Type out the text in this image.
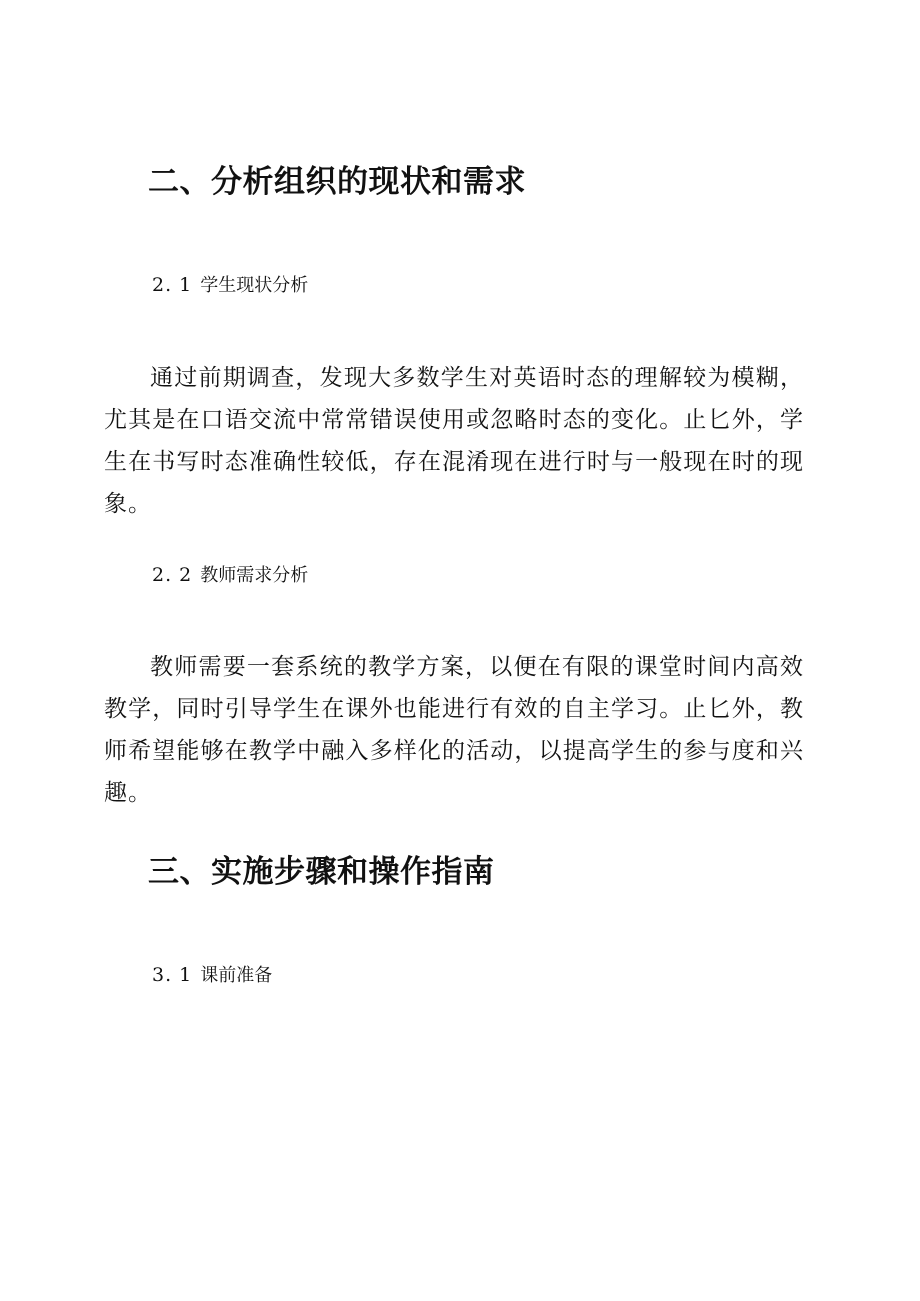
二、分析组织的现状和需求
2. 1 学生现状分析

通过前期调查，发现大多数学生对英语时态的理解较为模糊，尤其是在口语交流中常常错误使用或忽略时态的变化。止匕外，学生在书写时态准确性较低，存在混淆现在进行时与一般现在时的现象。

2. 2 教师需求分析

教师需要一套系统的教学方案，以便在有限的课堂时间内高效教学，同时引导学生在课外也能进行有效的自主学习。止匕外，教师希望能够在教学中融入多样化的活动，以提高学生的参与度和兴趣。

三、实施步骤和操作指南
3. 1 课前准备
